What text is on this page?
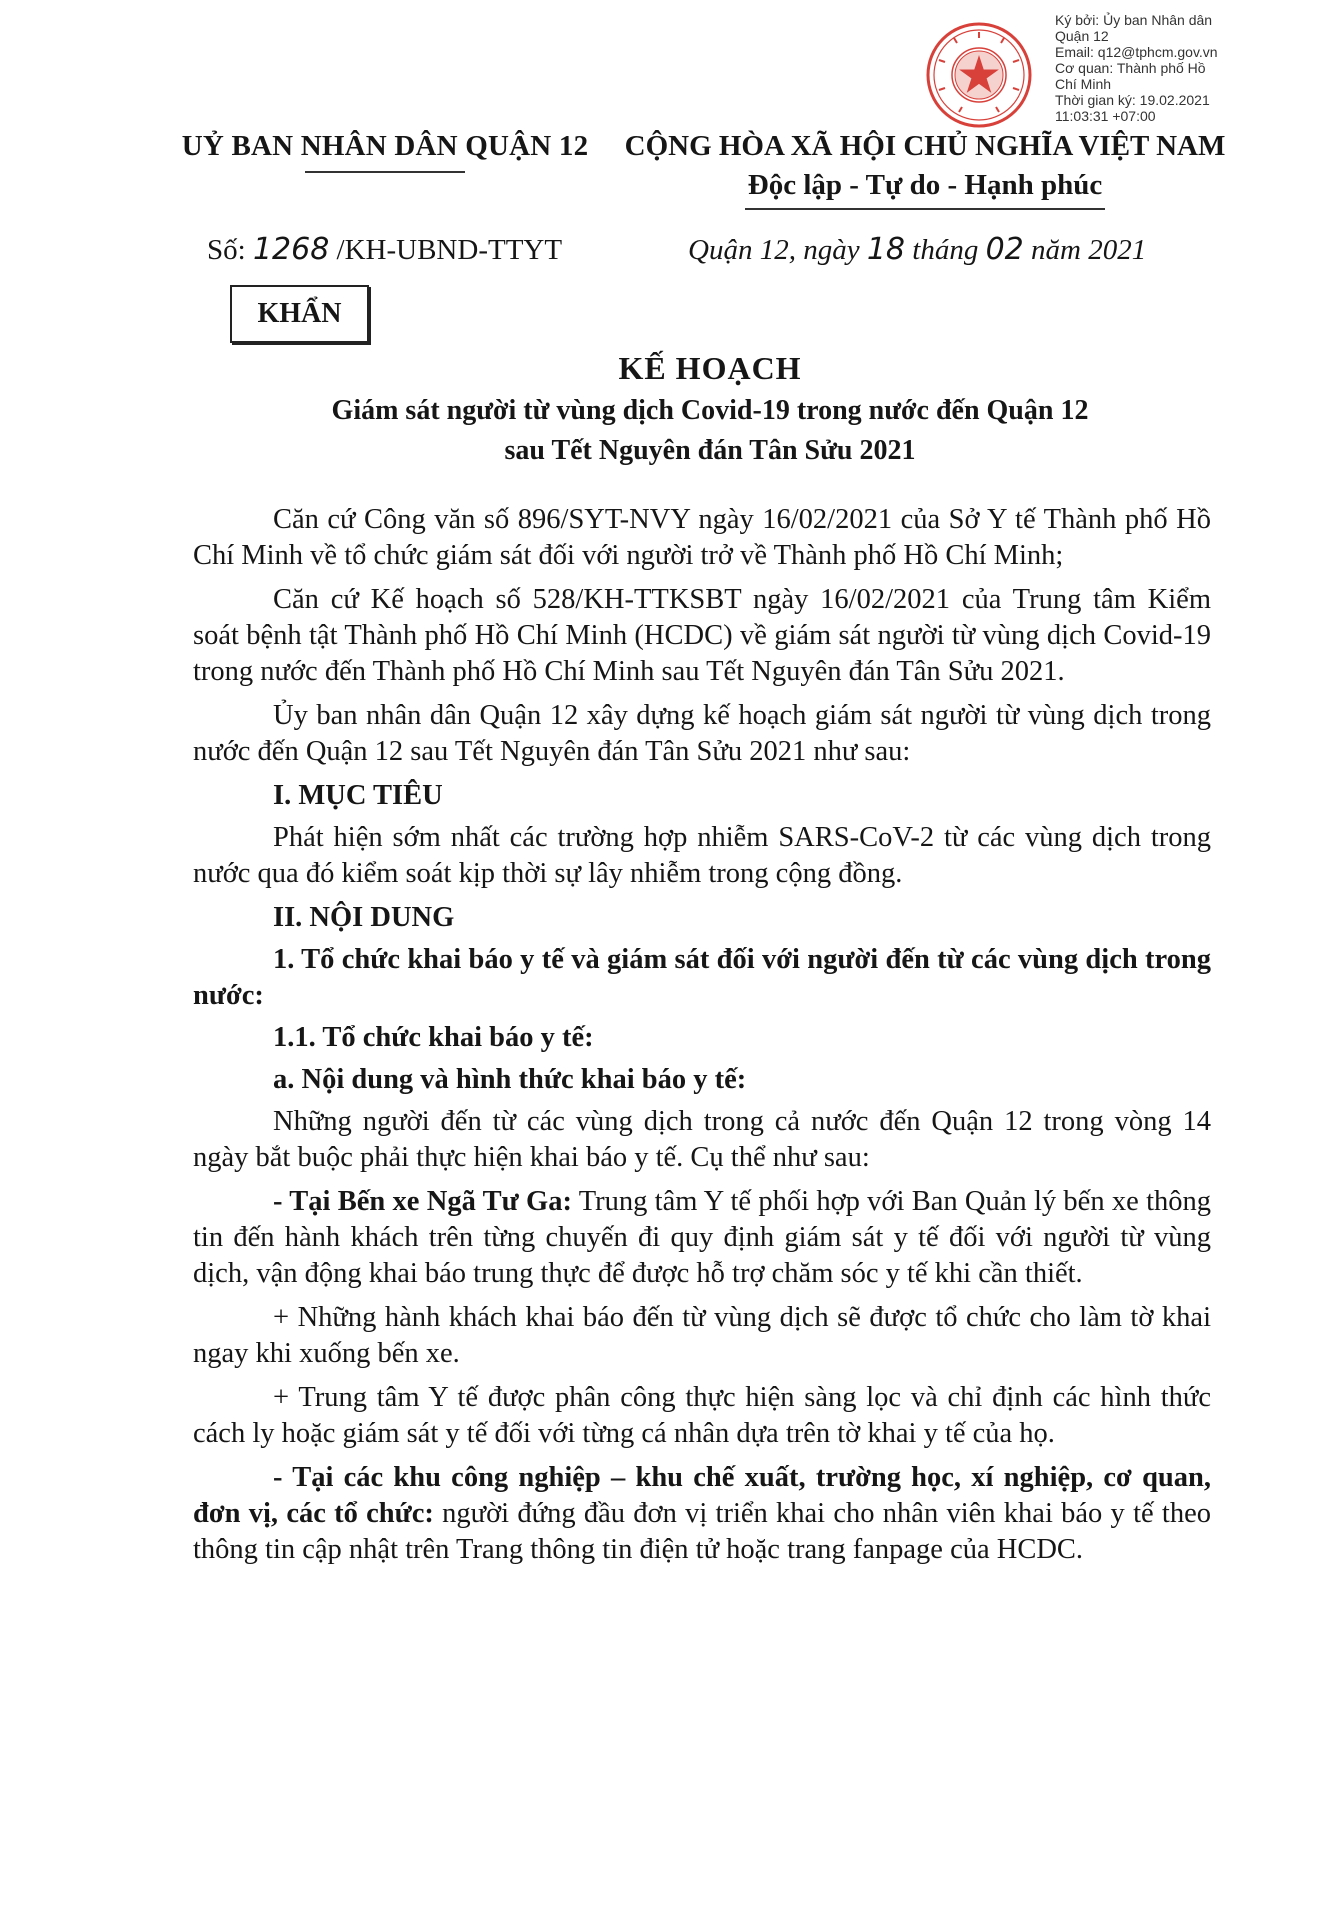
Ký bởi: Ủy ban Nhân dân
Quận 12
Email: q12@tphcm.gov.vn
Cơ quan: Thành phố Hồ
Chí Minh
Thời gian ký: 19.02.2021
11:03:31 +07:00
UỶ BAN NHÂN DÂN QUẬN 12	CỘNG HÒA XÃ HỘI CHỦ NGHĨA VIỆT NAM
Độc lập - Tự do - Hạnh phúc
Số: 1268 /KH-UBND-TTYT	Quận 12, ngày 18 tháng 02 năm 2021
KHẨN
KẾ HOẠCH
Giám sát người từ vùng dịch Covid-19 trong nước đến Quận 12
sau Tết Nguyên đán Tân Sửu 2021

Căn cứ Công văn số 896/SYT-NVY ngày 16/02/2021 của Sở Y tế Thành phố Hồ Chí Minh về tổ chức giám sát đối với người trở về Thành phố Hồ Chí Minh;

Căn cứ Kế hoạch số 528/KH-TTKSBT ngày 16/02/2021 của Trung tâm Kiểm soát bệnh tật Thành phố Hồ Chí Minh (HCDC) về giám sát người từ vùng dịch Covid-19 trong nước đến Thành phố Hồ Chí Minh sau Tết Nguyên đán Tân Sửu 2021.

Ủy ban nhân dân Quận 12 xây dựng kế hoạch giám sát người từ vùng dịch trong nước đến Quận 12 sau Tết Nguyên đán Tân Sửu 2021 như sau:

I. MỤC TIÊU

Phát hiện sớm nhất các trường hợp nhiễm SARS-CoV-2 từ các vùng dịch trong nước qua đó kiểm soát kịp thời sự lây nhiễm trong cộng đồng.

II. NỘI DUNG
1. Tổ chức khai báo y tế và giám sát đối với người đến từ các vùng dịch trong nước:
1.1. Tổ chức khai báo y tế:
a. Nội dung và hình thức khai báo y tế:

Những người đến từ các vùng dịch trong cả nước đến Quận 12 trong vòng 14 ngày bắt buộc phải thực hiện khai báo y tế. Cụ thể như sau:

- Tại Bến xe Ngã Tư Ga: Trung tâm Y tế phối hợp với Ban Quản lý bến xe thông tin đến hành khách trên từng chuyến đi quy định giám sát y tế đối với người từ vùng dịch, vận động khai báo trung thực để được hỗ trợ chăm sóc y tế khi cần thiết.

+ Những hành khách khai báo đến từ vùng dịch sẽ được tổ chức cho làm tờ khai ngay khi xuống bến xe.

+ Trung tâm Y tế được phân công thực hiện sàng lọc và chỉ định các hình thức cách ly hoặc giám sát y tế đối với từng cá nhân dựa trên tờ khai y tế của họ.

- Tại các khu công nghiệp – khu chế xuất, trường học, xí nghiệp, cơ quan, đơn vị, các tổ chức: người đứng đầu đơn vị triển khai cho nhân viên khai báo y tế theo thông tin cập nhật trên Trang thông tin điện tử hoặc trang fanpage của HCDC.
